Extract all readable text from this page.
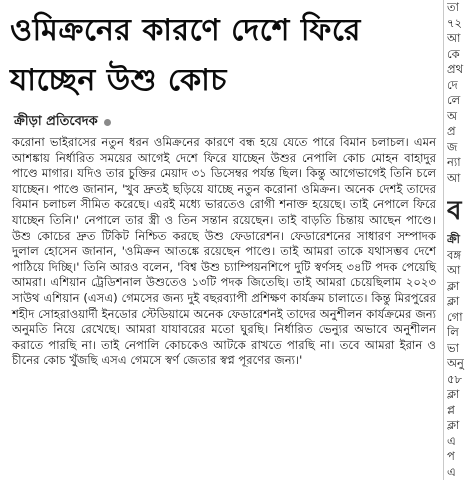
ওমিক্রনের কারণে দেশে ফিরে যাচ্ছেন উশু কোচ
ক্রীড়া প্রতিবেদক

করোনা ভাইরাসের নতুন ধরন ওমিক্রনের কারণে বন্ধ হয়ে যেতে পারে বিমান চলাচল। এমন আশঙ্কায় নির্ধারিত সময়ের আগেই দেশে ফিরে যাচ্ছেন উশুর নেপালি কোচ মোহন বাহাদুর পাণ্ডে মাগার। যদিও তার চুক্তির মেয়াদ ৩১ ডিসেম্বর পর্যন্ত ছিল। কিন্তু আগেভাগেই তিনি চলে যাচ্ছেন। পাণ্ডে জানান, 'খুব দ্রুতই ছড়িয়ে যাচ্ছে নতুন করোনা ওমিক্রন। অনেক দেশই তাদের বিমান চলাচল সীমিত করেছে। এরই মধ্যে ভারতেও রোগী শনাক্ত হয়েছে। তাই নেপালে ফিরে যাচ্ছেন তিনি।' নেপালে তার স্ত্রী ও তিন সন্তান রয়েছেন। তাই বাড়তি চিন্তায় আছেন পাণ্ডে। উশু কোচের দ্রুত টিকিট নিশ্চিত করছে উশু ফেডারেশন। ফেডারেশনের সাধারণ সম্পাদক দুলাল হোসেন জানান, 'ওমিক্রন আতঙ্কে রয়েছেন পাণ্ডে। তাই আমরা তাকে যথাসম্ভব দেশে পাঠিয়ে দিচ্ছি।' তিনি আরও বলেন, 'বিশ্ব উশু চ্যাম্পিয়নশিপে দুটি স্বর্ণসহ ৩৪টি পদক পেয়েছি আমরা। এশিয়ান ট্রেডিশনাল উশুতেও ১৩টি পদক জিতেছি। তাই আমরা চেয়েছিলাম ২০২৩ সাউথ এশিয়ান (এসএ) গেমসের জন্য দুই বছরব্যাপী প্রশিক্ষণ কার্যক্রম চালাতে। কিন্তু মিরপুরের শহীদ সোহরাওয়ার্দী ইনডোর স্টেডিয়ামে অনেক ফেডারেশনই তাদের অনুশীলন কার্যক্রমের জন্য অনুমতি নিয়ে রেখেছে। আমরা যাযাবরের মতো ঘুরছি। নির্ধারিত ভেন্যুর অভাবে অনুশীলন করাতে পারছি না। তাই নেপালি কোচকেও আটকে রাখতে পারছি না। তবে আমরা ইরান ও চীনের কোচ খুঁজছি এসএ গেমসে স্বর্ণ জেতার স্বপ্ন পূরণের জন্য।'

তা
৭২
আ
কে
প্রথ
দে
লে
অ
প্র
জ
ন্যা
আ
ব
ক্রী
বঙ্গ
আ
ক্লা
ক্লা
গো
লি
ভা
অনু
৫৮
ক্লা
প্ল
ক্লা
এ
প
এ
